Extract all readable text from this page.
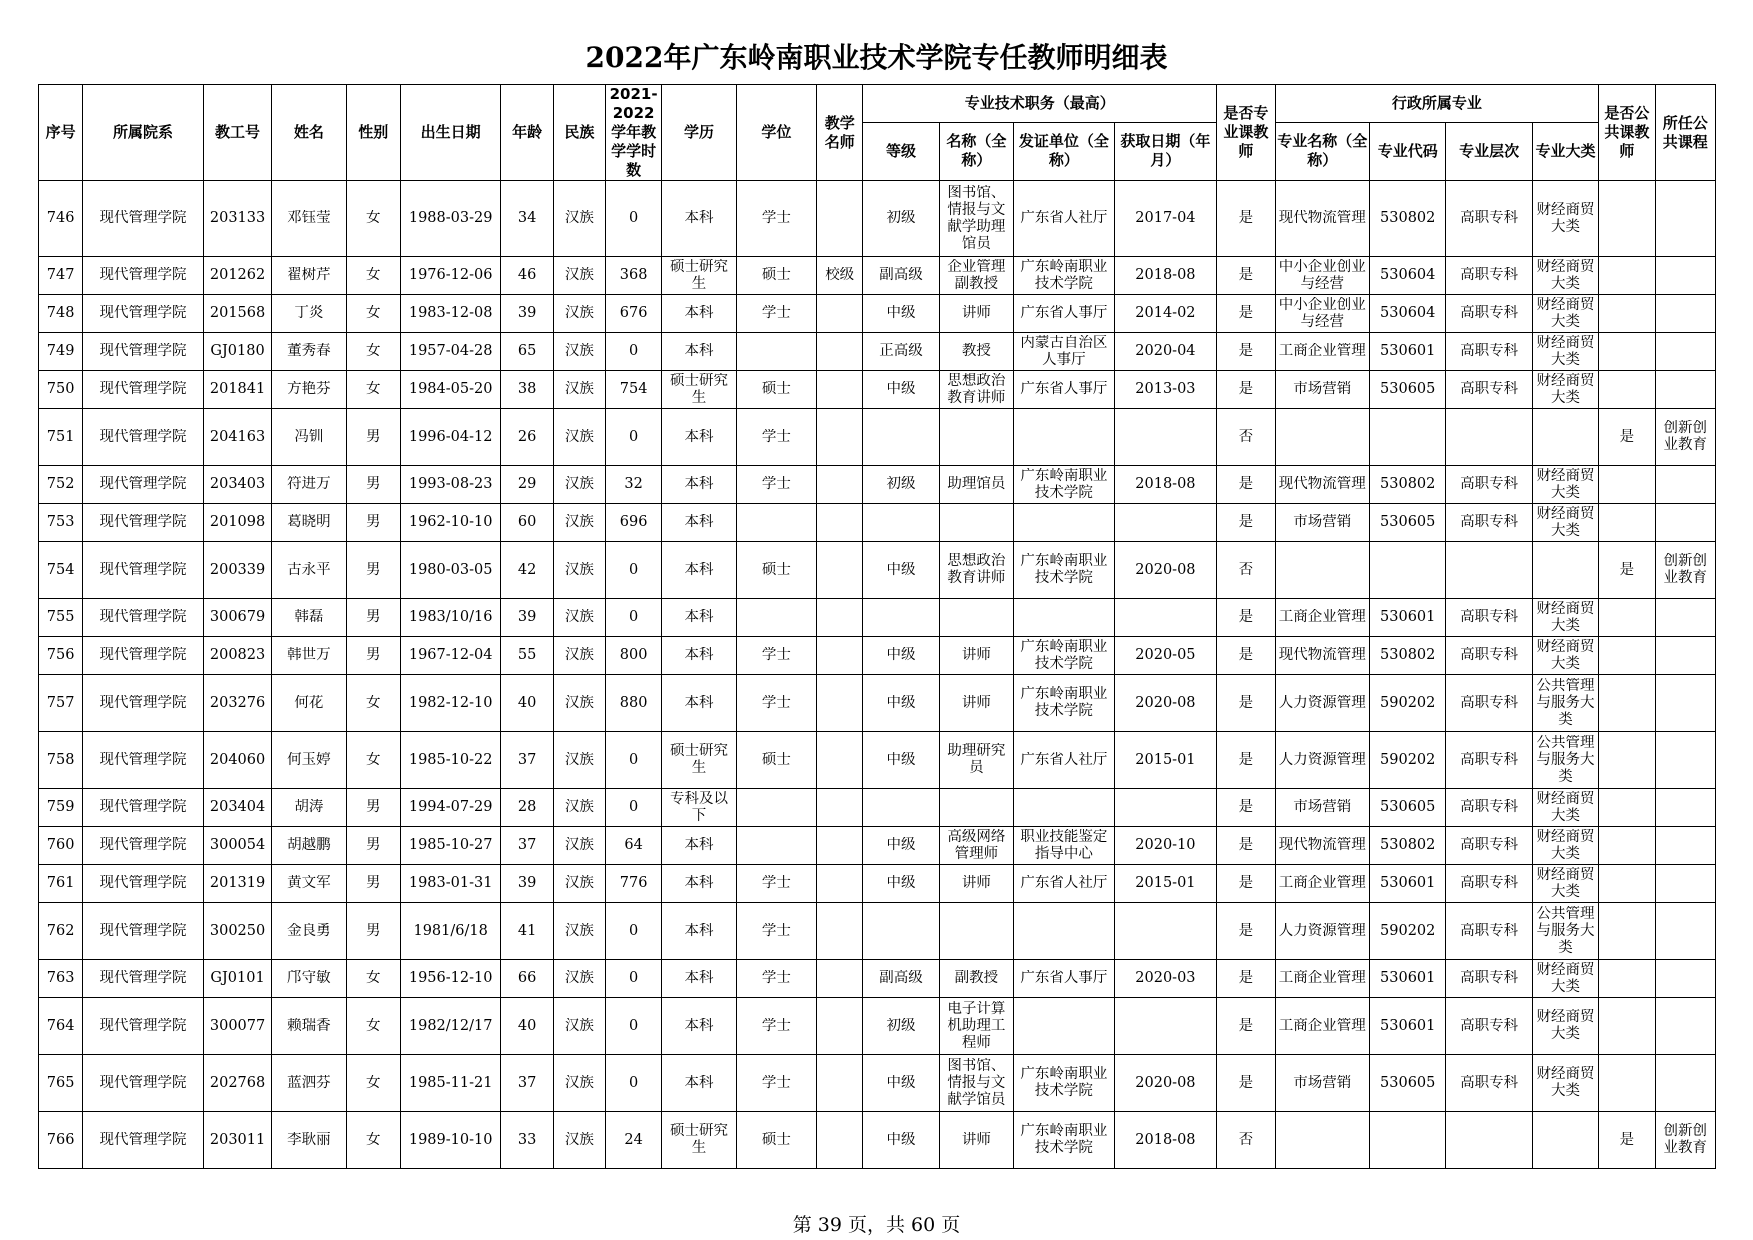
2022年广东岭南职业技术学院专任教师明细表
序号	所属院系	教工号	姓名	性别	出生日期	年龄	民族	2021-2022学年教学学时数	学历	学位	教学名师	专业技术职务（最高）				是否专业课教师	行政所属专业				是否公共课教师	所任公共课程
												等级	名称（全称）	发证单位（全称）	获取日期（年月）		专业名称（全称）	专业代码	专业层次	专业大类		

746	现代管理学院	203133	邓钰莹	女	1988-03-29	34	汉族	0	本科	学士		初级	图书馆、情报与文献学助理馆员	广东省人社厅	2017-04	是	现代物流管理	530802	高职专科	财经商贸大类		

747	现代管理学院	201262	翟树芹	女	1976-12-06	46	汉族	368	硕士研究生	硕士	校级	副高级	企业管理副教授	广东岭南职业技术学院	2018-08	是	中小企业创业与经营	530604	高职专科	财经商贸大类		

748	现代管理学院	201568	丁炎	女	1983-12-08	39	汉族	676	本科	学士		中级	讲师	广东省人事厅	2014-02	是	中小企业创业与经营	530604	高职专科	财经商贸大类		

749	现代管理学院	GJ0180	董秀春	女	1957-04-28	65	汉族	0	本科			正高级	教授	内蒙古自治区人事厅	2020-04	是	工商企业管理	530601	高职专科	财经商贸大类		

750	现代管理学院	201841	方艳芬	女	1984-05-20	38	汉族	754	硕士研究生	硕士		中级	思想政治教育讲师	广东省人事厅	2013-03	是	市场营销	530605	高职专科	财经商贸大类		

751	现代管理学院	204163	冯钏	男	1996-04-12	26	汉族	0	本科	学士						否					是	创新创业教育

752	现代管理学院	203403	符进万	男	1993-08-23	29	汉族	32	本科	学士		初级	助理馆员	广东岭南职业技术学院	2018-08	是	现代物流管理	530802	高职专科	财经商贸大类		

753	现代管理学院	201098	葛晓明	男	1962-10-10	60	汉族	696	本科							是	市场营销	530605	高职专科	财经商贸大类		

754	现代管理学院	200339	古永平	男	1980-03-05	42	汉族	0	本科	硕士		中级	思想政治教育讲师	广东岭南职业技术学院	2020-08	否					是	创新创业教育

755	现代管理学院	300679	韩磊	男	1983/10/16	39	汉族	0	本科							是	工商企业管理	530601	高职专科	财经商贸大类		

756	现代管理学院	200823	韩世万	男	1967-12-04	55	汉族	800	本科	学士		中级	讲师	广东岭南职业技术学院	2020-05	是	现代物流管理	530802	高职专科	财经商贸大类		

757	现代管理学院	203276	何花	女	1982-12-10	40	汉族	880	本科	学士		中级	讲师	广东岭南职业技术学院	2020-08	是	人力资源管理	590202	高职专科	公共管理与服务大类		

758	现代管理学院	204060	何玉婷	女	1985-10-22	37	汉族	0	硕士研究生	硕士		中级	助理研究员	广东省人社厅	2015-01	是	人力资源管理	590202	高职专科	公共管理与服务大类		

759	现代管理学院	203404	胡涛	男	1994-07-29	28	汉族	0	专科及以下							是	市场营销	530605	高职专科	财经商贸大类		

760	现代管理学院	300054	胡越鹏	男	1985-10-27	37	汉族	64	本科			中级	高级网络管理师	职业技能鉴定指导中心	2020-10	是	现代物流管理	530802	高职专科	财经商贸大类		

761	现代管理学院	201319	黄文军	男	1983-01-31	39	汉族	776	本科	学士		中级	讲师	广东省人社厅	2015-01	是	工商企业管理	530601	高职专科	财经商贸大类		

762	现代管理学院	300250	金良勇	男	1981/6/18	41	汉族	0	本科	学士						是	人力资源管理	590202	高职专科	公共管理与服务大类		

763	现代管理学院	GJ0101	邝守敏	女	1956-12-10	66	汉族	0	本科	学士		副高级	副教授	广东省人事厅	2020-03	是	工商企业管理	530601	高职专科	财经商贸大类		

764	现代管理学院	300077	赖瑞香	女	1982/12/17	40	汉族	0	本科	学士		初级	电子计算机助理工程师			是	工商企业管理	530601	高职专科	财经商贸大类		

765	现代管理学院	202768	蓝泗芬	女	1985-11-21	37	汉族	0	本科	学士		中级	图书馆、情报与文献学馆员	广东岭南职业技术学院	2020-08	是	市场营销	530605	高职专科	财经商贸大类		

766	现代管理学院	203011	李耿丽	女	1989-10-10	33	汉族	24	硕士研究生	硕士		中级	讲师	广东岭南职业技术学院	2018-08	否					是	创新创业教育
第 39 页，共 60 页
